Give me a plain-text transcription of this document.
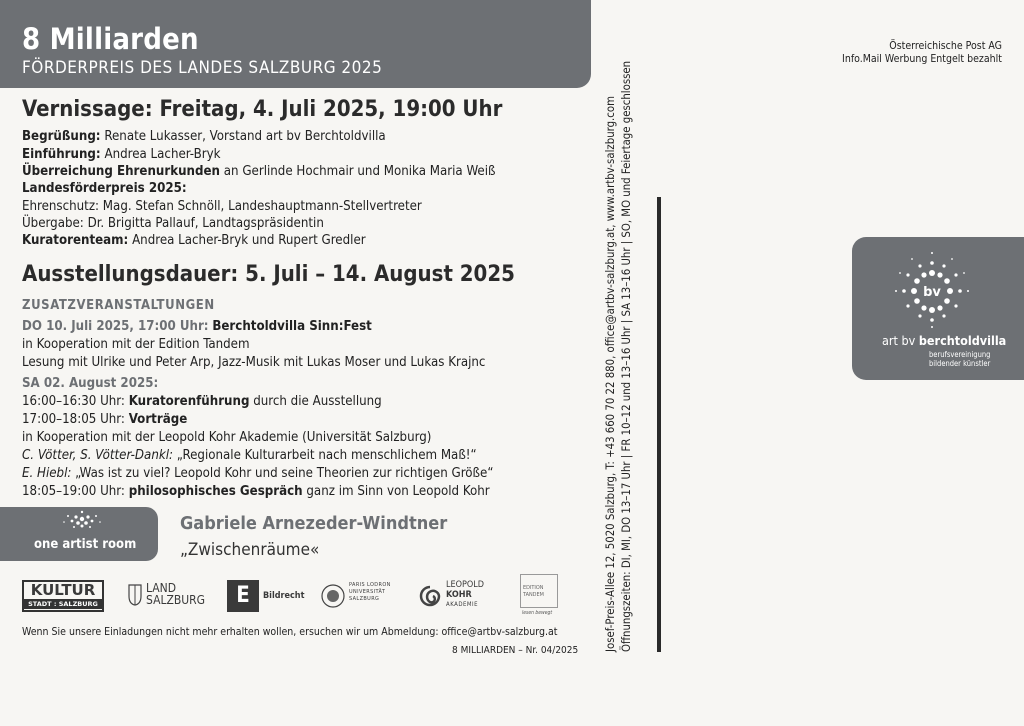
8 Milliarden
FÖRDERPREIS DES LANDES SALZBURG 2025
Vernissage: Freitag, 4. Juli 2025, 19:00 Uhr
Begrüßung: Renate Lukasser, Vorstand art bv Berchtoldvilla
Einführung: Andrea Lacher-Bryk
Überreichung Ehrenurkunden an Gerlinde Hochmair und Monika Maria Weiß
Landesförderpreis 2025:
Ehrenschutz: Mag. Stefan Schnöll, Landeshauptmann-Stellvertreter
Übergabe: Dr. Brigitta Pallauf, Landtagspräsidentin
Kuratorenteam: Andrea Lacher-Bryk und Rupert Gredler
Ausstellungsdauer: 5. Juli – 14. August 2025
ZUSATZVERANSTALTUNGEN
DO 10. Juli 2025, 17:00 Uhr: Berchtoldvilla Sinn:Fest
in Kooperation mit der Edition Tandem
Lesung mit Ulrike und Peter Arp, Jazz-Musik mit Lukas Moser und Lukas Krajnc
SA 02. August 2025:
16:00–16:30 Uhr: Kuratorenführung durch die Ausstellung
17:00–18:05 Uhr: Vorträge
in Kooperation mit der Leopold Kohr Akademie (Universität Salzburg)
C. Vötter, S. Vötter-Dankl: „Regionale Kulturarbeit nach menschlichem Maß!“
E. Hiebl: „Was ist zu viel? Leopold Kohr und seine Theorien zur richtigen Größe“
18:05–19:00 Uhr: philosophisches Gespräch ganz im Sinn von Leopold Kohr
one artist room
Gabriele Arnezeder-Windtner
„Zwischenräume«
KULTUR
STADT : SALZBURG
LAND
SALZBURG	E	Bildrecht
PARIS LODRON UNIVERSITÄT SALZBURG
LEOPOLD
KOHR
AKADEMIE
EDITION
TANDEM
lesen bewegt
Wenn Sie unsere Einladungen nicht mehr erhalten wollen, ersuchen wir um Abmeldung: office@artbv-salzburg.at
8 MILLIARDEN – Nr. 04/2025 Josef-Preis-Allee 12, 5020 Salzburg, T: +43 660 70 22 880, office@artbv-salzburg.at, www.artbv-salzburg.com Öffnungszeiten: DI, MI, DO 13–17 Uhr | FR 10–12 und 13–16 Uhr | SA 13–16 Uhr | SO, MO und Feiertage geschlossen
Österreichische Post AG
Info.Mail Werbung Entgelt bezahlt
bv
art bv berchtoldvilla
berufsvereinigung
bildender künstler
